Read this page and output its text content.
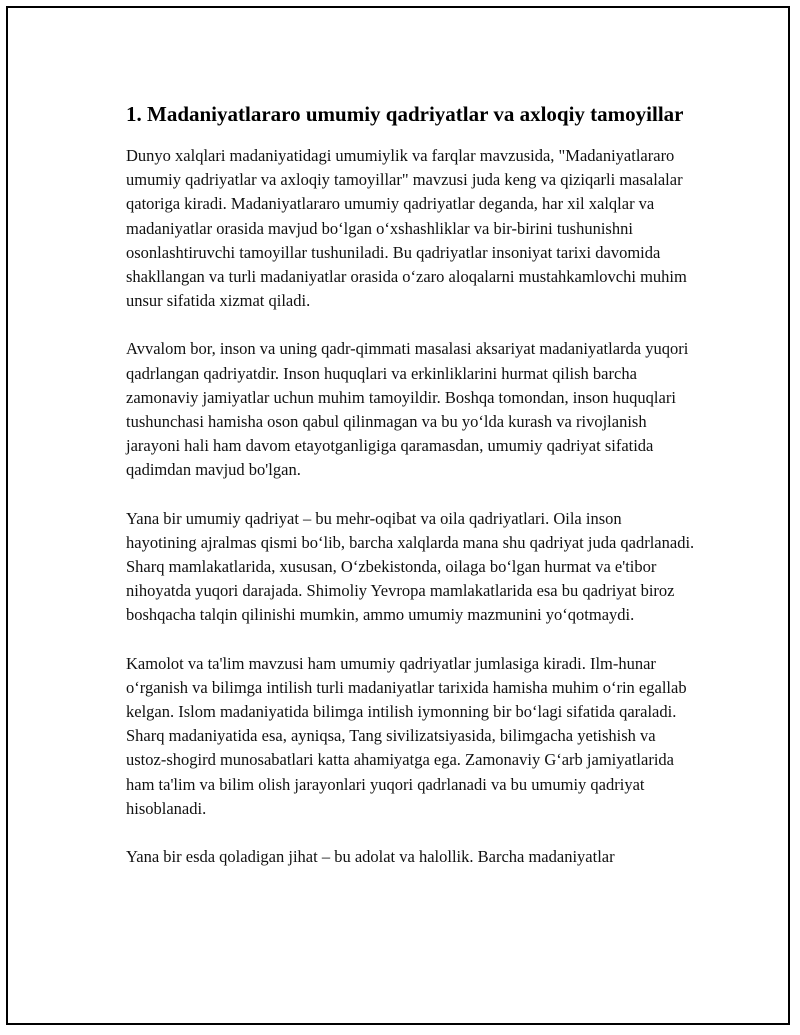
1. Madaniyatlararo umumiy qadriyatlar va axloqiy tamoyillar

Dunyo xalqlari madaniyatidagi umumiylik va farqlar mavzusida, "Madaniyatlararo umumiy qadriyatlar va axloqiy tamoyillar" mavzusi juda keng va qiziqarli masalalar qatoriga kiradi. Madaniyatlararo umumiy qadriyatlar deganda, har xil xalqlar va madaniyatlar orasida mavjud bo‘lgan o‘xshashliklar va bir-birini tushunishni osonlashtiruvchi tamoyillar tushuniladi. Bu qadriyatlar insoniyat tarixi davomida shakllangan va turli madaniyatlar orasida o‘zaro aloqalarni mustahkamlovchi muhim unsur sifatida xizmat qiladi.

Avvalom bor, inson va uning qadr-qimmati masalasi aksariyat madaniyatlarda yuqori qadrlangan qadriyatdir. Inson huquqlari va erkinliklarini hurmat qilish barcha zamonaviy jamiyatlar uchun muhim tamoyildir. Boshqa tomondan, inson huquqlari tushunchasi hamisha oson qabul qilinmagan va bu yo‘lda kurash va rivojlanish jarayoni hali ham davom etayotganligiga qaramasdan, umumiy qadriyat sifatida qadimdan mavjud bo'lgan.

Yana bir umumiy qadriyat – bu mehr-oqibat va oila qadriyatlari. Oila inson hayotining ajralmas qismi bo‘lib, barcha xalqlarda mana shu qadriyat juda qadrlanadi. Sharq mamlakatlarida, xususan, O‘zbekistonda, oilaga bo‘lgan hurmat va e'tibor nihoyatda yuqori darajada. Shimoliy Yevropa mamlakatlarida esa bu qadriyat biroz boshqacha talqin qilinishi mumkin, ammo umumiy mazmunini yo‘qotmaydi.

Kamolot va ta'lim mavzusi ham umumiy qadriyatlar jumlasiga kiradi. Ilm-hunar o‘rganish va bilimga intilish turli madaniyatlar tarixida hamisha muhim o‘rin egallab kelgan. Islom madaniyatida bilimga intilish iymonning bir bo‘lagi sifatida qaraladi. Sharq madaniyatida esa, ayniqsa, Tang sivilizatsiyasida, bilimgacha yetishish va ustoz-shogird munosabatlari katta ahamiyatga ega. Zamonaviy G‘arb jamiyatlarida ham ta'lim va bilim olish jarayonlari yuqori qadrlanadi va bu umumiy qadriyat hisoblanadi.

Yana bir esda qoladigan jihat – bu adolat va halollik. Barcha madaniyatlar
